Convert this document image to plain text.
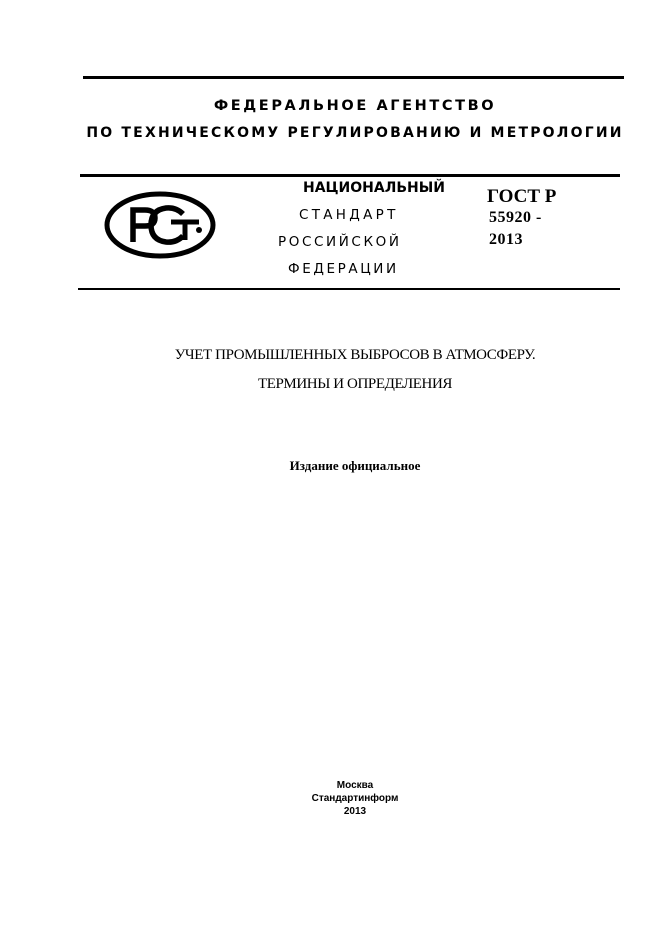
ФЕДЕРАЛЬНОЕ АГЕНТСТВО
ПО ТЕХНИЧЕСКОМУ РЕГУЛИРОВАНИЮ И МЕТРОЛОГИИ
НАЦИОНАЛЬНЫЙ
СТАНДАРТ
РОССИЙСКОЙ
ФЕДЕРАЦИИ
ГОСТ Р
55920 -
2013
УЧЕТ ПРОМЫШЛЕННЫХ ВЫБРОСОВ В АТМОСФЕРУ.
ТЕРМИНЫ И ОПРЕДЕЛЕНИЯ
Издание официальное
Москва
Стандартинформ
2013
